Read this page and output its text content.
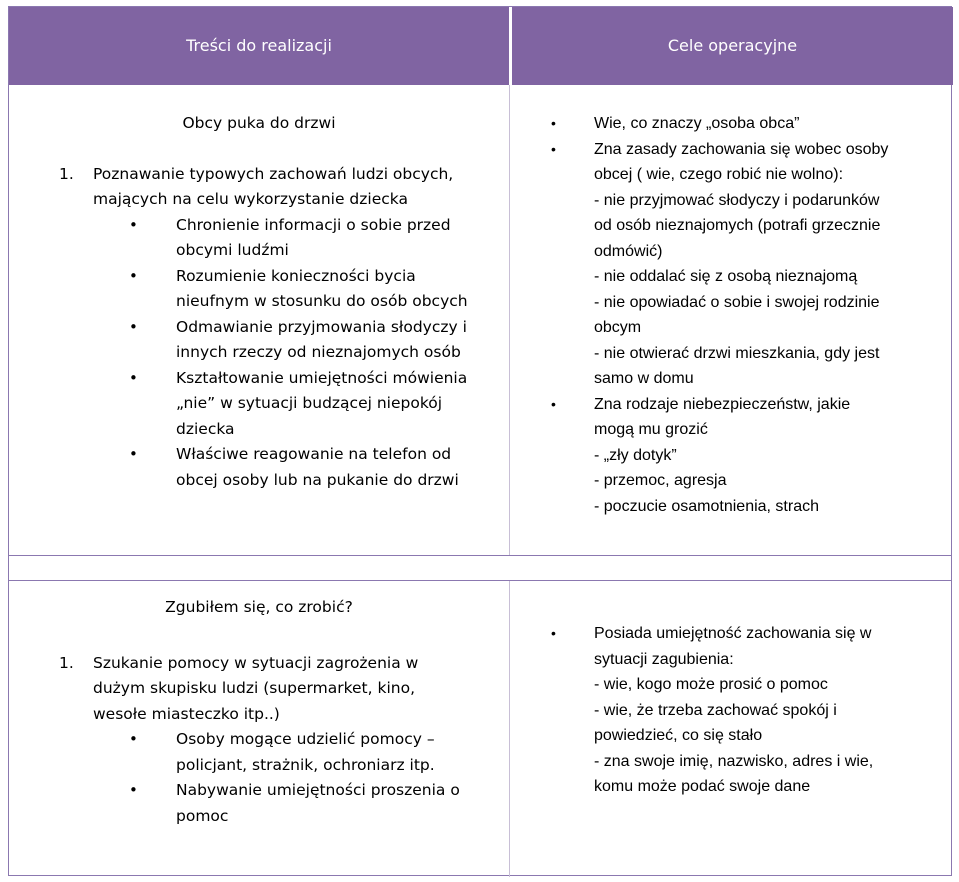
Treści do realizacji	Cele operacyjne
Obcy puka do drzwi
1. Poznawanie typowych zachowań ludzi obcych,
mających na celu wykorzystanie dziecka
• Chronienie informacji o sobie przed
obcymi ludźmi
• Rozumienie konieczności bycia
nieufnym w stosunku do osób obcych
• Odmawianie przyjmowania słodyczy i
innych rzeczy od nieznajomych osób
• Kształtowanie umiejętności mówienia
„nie” w sytuacji budzącej niepokój
dziecka
• Właściwe reagowanie na telefon od
obcej osoby lub na pukanie do drzwi
• Wie, co znaczy „osoba obca”
• Zna zasady zachowania się wobec osoby
obcej ( wie, czego robić nie wolno):
- nie przyjmować słodyczy i podarunków
od osób nieznajomych (potrafi grzecznie
odmówić)
- nie oddalać się z osobą nieznajomą
- nie opowiadać o sobie i swojej rodzinie
obcym
- nie otwierać drzwi mieszkania, gdy jest
samo w domu
• Zna rodzaje niebezpieczeństw, jakie
mogą mu grozić
- „zły dotyk”
- przemoc, agresja
- poczucie osamotnienia, strach
Zgubiłem się, co zrobić?
1. Szukanie pomocy w sytuacji zagrożenia w
dużym skupisku ludzi (supermarket, kino,
wesołe miasteczko itp..)
• Osoby mogące udzielić pomocy –
policjant, strażnik, ochroniarz itp.
• Nabywanie umiejętności proszenia o
pomoc
• Posiada umiejętność zachowania się w
sytuacji zagubienia:
- wie, kogo może prosić o pomoc
- wie, że trzeba zachować spokój i
powiedzieć, co się stało
- zna swoje imię, nazwisko, adres i wie,
komu może podać swoje dane
